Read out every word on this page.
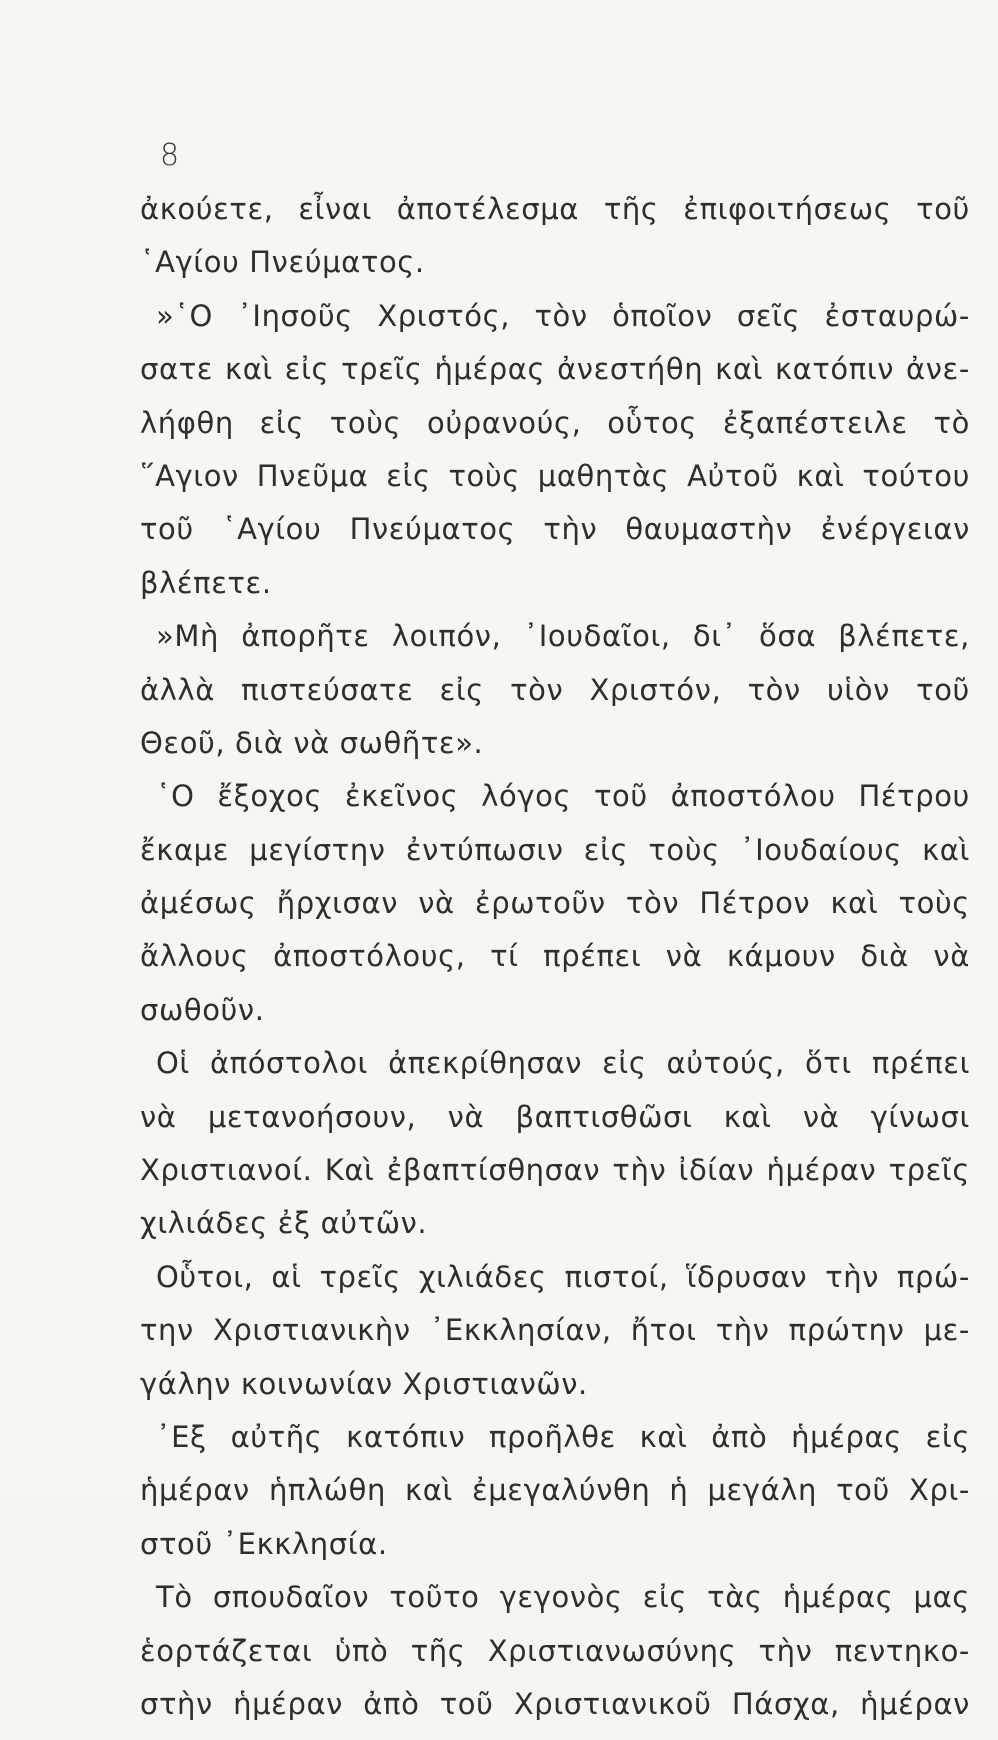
8
ἀκούετε, εἶναι ἀποτέλεσμα τῆς ἐπιφοιτήσεως τοῦ
῾Αγίου Πνεύματος.
»῾Ο ᾿Ιησοῦς Χριστός, τὸν ὁποῖον σεῖς ἐσταυρώ-
σατε καὶ εἰς τρεῖς ἡμέρας ἀνεστήθη καὶ κατόπιν ἀνε-
λήφθη εἰς τοὺς οὐρανούς, οὗτος ἐξαπέστειλε τὸ
῞Αγιον Πνεῦμα εἰς τοὺς μαθητὰς Αὐτοῦ καὶ τούτου
τοῦ ῾Αγίου Πνεύματος τὴν θαυμαστὴν ἐνέργειαν
βλέπετε.
»Μὴ ἀπορῆτε λοιπόν, ᾿Ιουδαῖοι, δι᾿ ὅσα βλέπετε,
ἀλλὰ πιστεύσατε εἰς τὸν Χριστόν, τὸν υἱὸν τοῦ
Θεοῦ, διὰ νὰ σωθῆτε».
῾Ο ἔξοχος ἐκεῖνος λόγος τοῦ ἀποστόλου Πέτρου
ἔκαμε μεγίστην ἐντύπωσιν εἰς τοὺς ᾿Ιουδαίους καὶ
ἀμέσως ἤρχισαν νὰ ἐρωτοῦν τὸν Πέτρον καὶ τοὺς
ἄλλους ἀποστόλους, τί πρέπει νὰ κάμουν διὰ νὰ
σωθοῦν.
Οἱ ἀπόστολοι ἀπεκρίθησαν εἰς αὐτούς, ὅτι πρέπει
νὰ μετανοήσουν, νὰ βαπτισθῶσι καὶ νὰ γίνωσι
Χριστιανοί. Καὶ ἐβαπτίσθησαν τὴν ἰδίαν ἡμέραν τρεῖς
χιλιάδες ἐξ αὐτῶν.
Οὗτοι, αἱ τρεῖς χιλιάδες πιστοί, ἵδρυσαν τὴν πρώ-
την Χριστιανικὴν ᾿Εκκλησίαν, ἤτοι τὴν πρώτην με-
γάλην κοινωνίαν Χριστιανῶν.
᾿Εξ αὐτῆς κατόπιν προῆλθε καὶ ἀπὸ ἡμέρας εἰς
ἡμέραν ἡπλώθη καὶ ἐμεγαλύνθη ἡ μεγάλη τοῦ Χρι-
στοῦ ᾿Εκκλησία.
Τὸ σπουδαῖον τοῦτο γεγονὸς εἰς τὰς ἡμέρας μας
ἑορτάζεται ὑπὸ τῆς Χριστιανωσύνης τὴν πεντηκο-
στὴν ἡμέραν ἀπὸ τοῦ Χριστιανικοῦ Πάσχα, ἡμέραν
